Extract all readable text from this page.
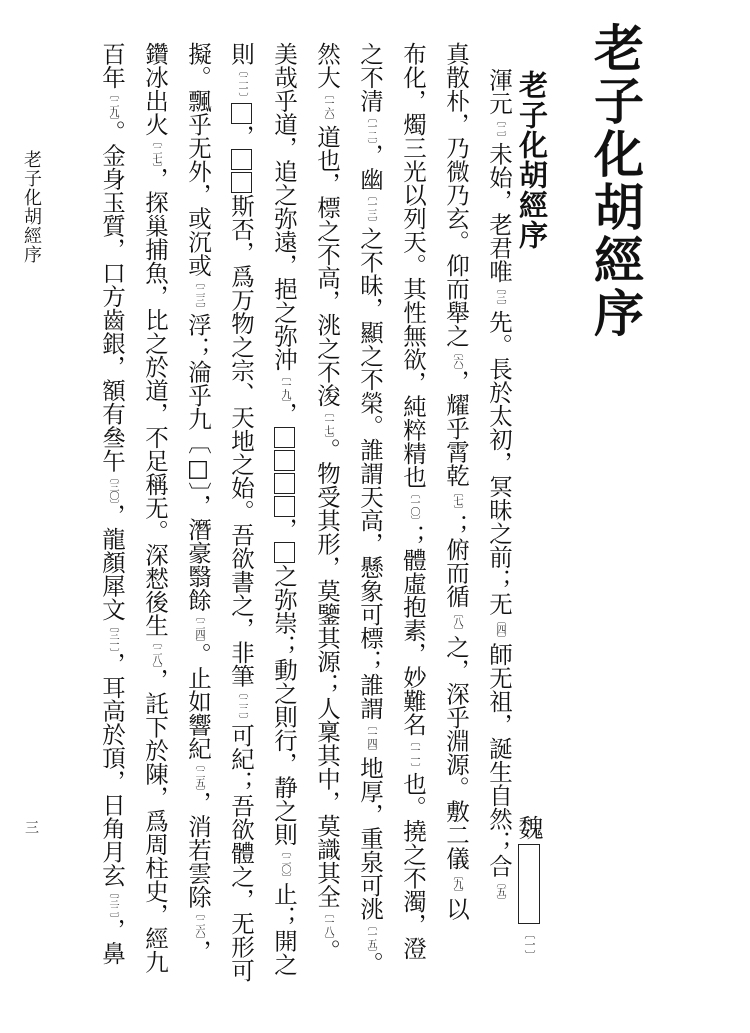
老子化胡經序
老子化胡經序
魏〔一〕
老子化胡經序
三
渾元〔二〕未始，老君唯〔三〕先。長於太初，冥昧之前；无〔四〕師无祖，誕生自然；合〔五〕
真散朴，乃微乃玄。仰而舉之〔六〕，耀乎霄乾〔七〕；俯而循〔八〕之，深乎淵源。敷二儀〔九〕以
布化，燭三光以列天。其性無欲，純粹精也〔一〇〕；體虛抱素，妙難名〔一一〕也。撓之不濁，澄
之不清〔一二〕，幽〔一三〕之不昧，顯之不榮。誰謂天高，懸象可標；誰謂〔一四〕地厚，重泉可洮〔一五〕。
然大〔一六〕道也，標之不高，洮之不浚〔一七〕。物受其形，莫鑒其源；人稟其中，莫識其全〔一八〕。
美哉乎道，追之弥遠，挹之弥沖〔一九〕，，之弥崇；動之則行，静之則〔二〇〕止；開之
則〔二一〕，斯否，爲万物之宗、天地之始。吾欲書之，非筆〔二二〕可紀；吾欲體之，无形可
擬。飄乎无外，或沉或〔二三〕浮；淪乎九〔□〕，潛豪翳餘〔二四〕。止如響紀〔二五〕，消若雲除〔二六〕，
鑽冰出火〔二七〕，探巢捕魚，比之於道，不足稱无。深慭後生〔二八〕，託下於陳，爲周柱史，經九
百年〔二九〕。金身玉質，口方齒銀，額有叄午〔三〇〕，龍顏犀文〔三一〕，耳高於頂，日角月玄〔三二〕，鼻
